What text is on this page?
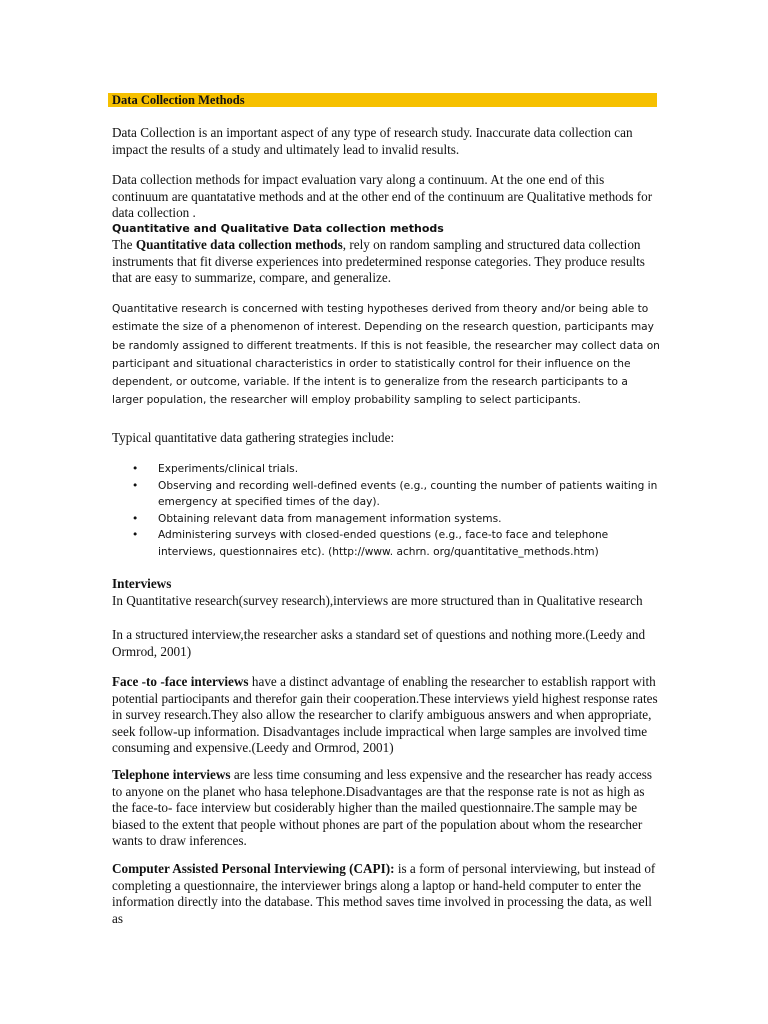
Data Collection Methods

Data Collection is an important aspect of any type of research study. Inaccurate data collection can impact the results of a study and ultimately lead to invalid results.

Data collection methods for impact evaluation vary along a continuum. At the one end of this continuum are quantatative methods and at the other end of the continuum are Qualitative methods for data collection .

Quantitative and Qualitative Data collection methods

The Quantitative data collection methods, rely on random sampling and structured data collection instruments that fit diverse experiences into predetermined response categories. They produce results that are easy to summarize, compare, and generalize.

Quantitative research is concerned with testing hypotheses derived from theory and/or being able to estimate the size of a phenomenon of interest. Depending on the research question, participants may be randomly assigned to different treatments. If this is not feasible, the researcher may collect data on participant and situational characteristics in order to statistically control for their influence on the dependent, or outcome, variable. If the intent is to generalize from the research participants to a larger population, the researcher will employ probability sampling to select participants.

Typical quantitative data gathering strategies include:

• Experiments/clinical trials.
• Observing and recording well-defined events (e.g., counting the number of patients waiting in emergency at specified times of the day).
• Obtaining relevant data from management information systems.
• Administering surveys with closed-ended questions (e.g., face-to face and telephone interviews, questionnaires etc). (http://www. achrn. org/quantitative_methods.htm)

Interviews

In Quantitative research(survey research),interviews are more structured than in Qualitative research

In a structured interview,the researcher asks a standard set of questions and nothing more.(Leedy and Ormrod, 2001)

Face -to -face interviews have a distinct advantage of enabling the researcher to establish rapport with potential partiocipants and therefor gain their cooperation.These interviews yield highest response rates in survey research.They also allow the researcher to clarify ambiguous answers and when appropriate, seek follow-up information. Disadvantages include impractical when large samples are involved time consuming and expensive.(Leedy and Ormrod, 2001)

Telephone interviews are less time consuming and less expensive and the researcher has ready access to anyone on the planet who hasa telephone.Disadvantages are that the response rate is not as high as the face-to- face interview but cosiderably higher than the mailed questionnaire.The sample may be biased to the extent that people without phones are part of the population about whom the researcher wants to draw inferences.

Computer Assisted Personal Interviewing (CAPI): is a form of personal interviewing, but instead of completing a questionnaire, the interviewer brings along a laptop or hand-held computer to enter the information directly into the database. This method saves time involved in processing the data, as well as
